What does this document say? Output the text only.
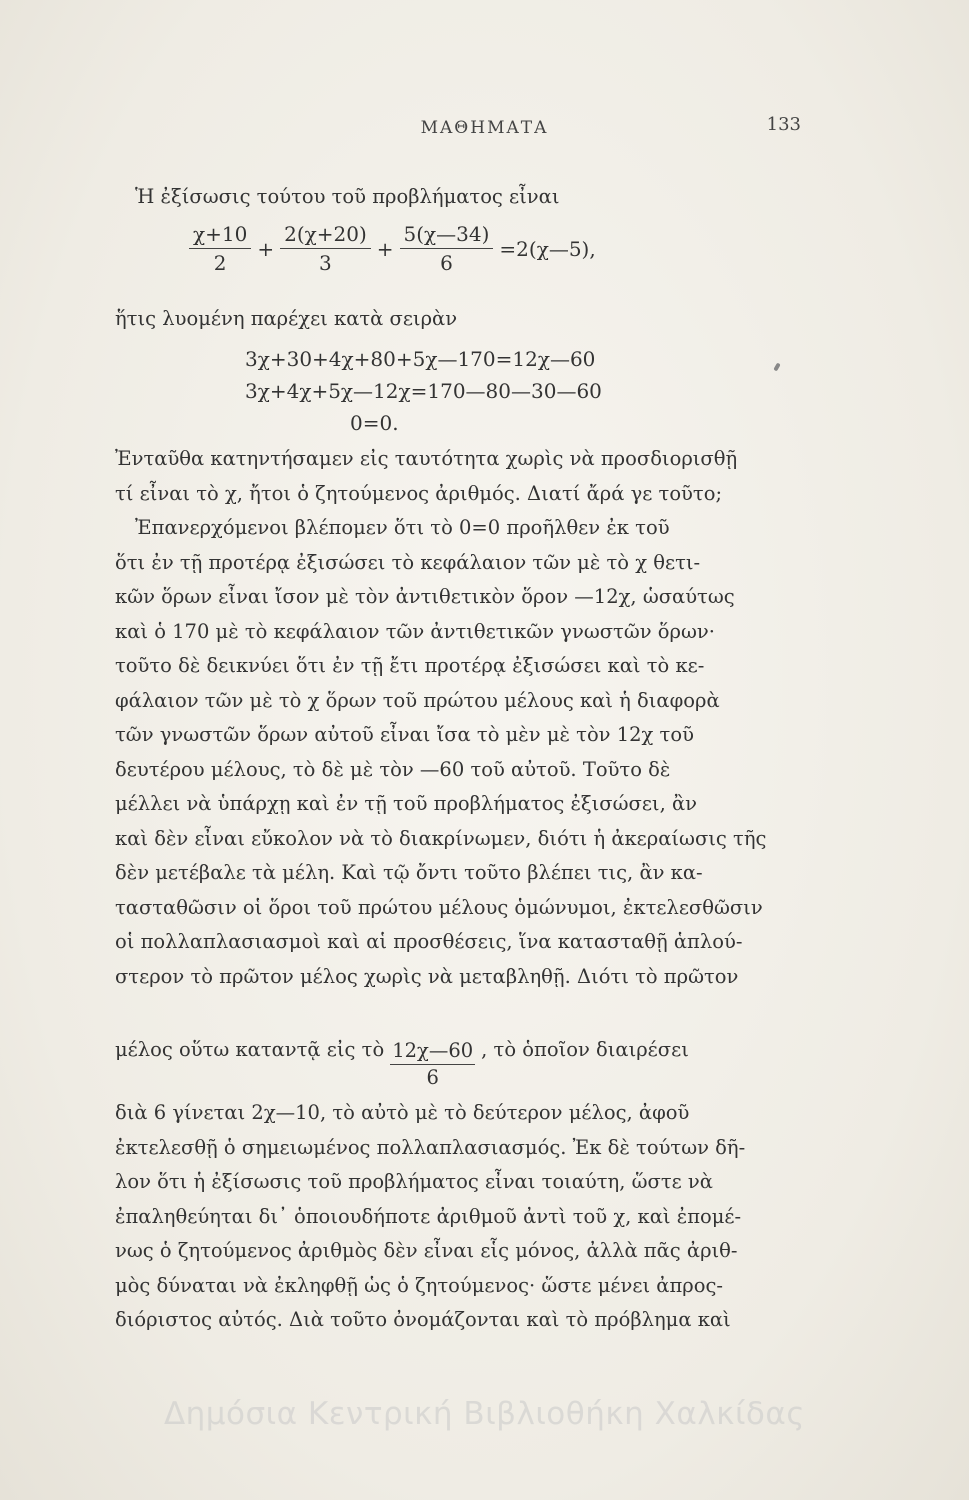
ΜΑΘΗΜΑΤΑ	133
Ἡ ἐξίσωσις τούτου τοῦ προβλήματος εἶναι
$\frac{\chi+10}{2} + \frac{2(\chi+20)}{3} + \frac{5(\chi—34)}{6}$ =2(χ—5),
ἥτις λυομένη παρέχει κατὰ σειρὰν
3χ+30+4χ+80+5χ—170=12χ—60
3χ+4χ+5χ—12χ=170—80—30—60
0=0.
Ἐνταῦθα κατηντήσαμεν εἰς ταυτότητα χωρὶς νὰ προσδιορισθῇ
τί εἶναι τὸ χ, ἤτοι ὁ ζητούμενος ἀριθμός. Διατί ἄρά γε τοῦτο;
Ἐπανερχόμενοι βλέπομεν ὅτι τὸ 0=0 προῆλθεν ἐκ τοῦ
ὅτι ἐν τῇ προτέρᾳ ἐξισώσει τὸ κεφάλαιον τῶν μὲ τὸ χ θετι-
κῶν ὅρων εἶναι ἴσον μὲ τὸν ἀντιθετικὸν ὅρον —12χ, ὡσαύτως
καὶ ὁ 170 μὲ τὸ κεφάλαιον τῶν ἀντιθετικῶν γνωστῶν ὅρων·
τοῦτο δὲ δεικνύει ὅτι ἐν τῇ ἔτι προτέρᾳ ἐξισώσει καὶ τὸ κε-
φάλαιον τῶν μὲ τὸ χ ὅρων τοῦ πρώτου μέλους καὶ ἡ διαφορὰ
τῶν γνωστῶν ὅρων αὐτοῦ εἶναι ἴσα τὸ μὲν μὲ τὸν 12χ τοῦ
δευτέρου μέλους, τὸ δὲ μὲ τὸν —60 τοῦ αὐτοῦ. Τοῦτο δὲ
μέλλει νὰ ὑπάρχῃ καὶ ἐν τῇ τοῦ προβλήματος ἐξισώσει, ἂν
καὶ δὲν εἶναι εὔκολον νὰ τὸ διακρίνωμεν, διότι ἡ ἀκεραίωσις τῆς
δὲν μετέβαλε τὰ μέλη. Καὶ τῷ ὄντι τοῦτο βλέπει τις, ἂν κα-
τασταθῶσιν οἱ ὅροι τοῦ πρώτου μέλους ὁμώνυμοι, ἐκτελεσθῶσιν
οἱ πολλαπλασιασμοὶ καὶ αἱ προσθέσεις, ἵνα κατασταθῇ ἁπλού-
στερον τὸ πρῶτον μέλος χωρὶς νὰ μεταβληθῇ. Διότι τὸ πρῶτον
μέλος οὕτω καταντᾷ εἰς τὸ $\frac{12\chi—60}{6}$ , τὸ ὁποῖον διαιρέσει
διὰ 6 γίνεται 2χ—10, τὸ αὐτὸ μὲ τὸ δεύτερον μέλος, ἀφοῦ
ἐκτελεσθῇ ὁ σημειωμένος πολλαπλασιασμός. Ἐκ δὲ τούτων δῆ-
λον ὅτι ἡ ἐξίσωσις τοῦ προβλήματος εἶναι τοιαύτη, ὥστε νὰ
ἐπαληθεύηται δι᾽ ὁποιουδήποτε ἀριθμοῦ ἀντὶ τοῦ χ, καὶ ἐπομέ-
νως ὁ ζητούμενος ἀριθμὸς δὲν εἶναι εἷς μόνος, ἀλλὰ πᾶς ἀριθ-
μὸς δύναται νὰ ἐκληφθῇ ὡς ὁ ζητούμενος· ὥστε μένει ἀπρος-
διόριστος αὐτός. Διὰ τοῦτο ὀνομάζονται καὶ τὸ πρόβλημα καὶ
Δημόσια Κεντρική Βιβλιοθήκη Χαλκίδας
